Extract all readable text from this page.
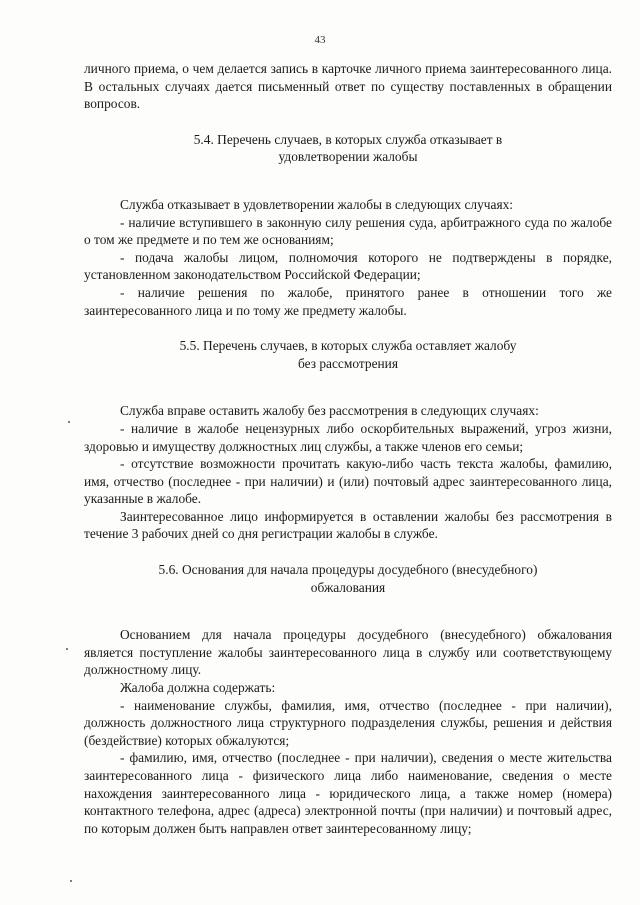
43

личного приема, о чем делается запись в карточке личного приема заинтересованного лица. В остальных случаях дается письменный ответ по существу поставленных в обращении вопросов.

5.4. Перечень случаев, в которых служба отказывает в
удовлетворении жалобы

Служба отказывает в удовлетворении жалобы в следующих случаях:

- наличие вступившего в законную силу решения суда, арбитражного суда по жалобе о том же предмете и по тем же основаниям;

- подача жалобы лицом, полномочия которого не подтверждены в порядке, установленном законодательством Российской Федерации;

- наличие решения по жалобе, принятого ранее в отношении того же заинтересованного лица и по тому же предмету жалобы.

5.5. Перечень случаев, в которых служба оставляет жалобу
без рассмотрения

Служба вправе оставить жалобу без рассмотрения в следующих случаях:

- наличие в жалобе нецензурных либо оскорбительных выражений, угроз жизни, здоровью и имуществу должностных лиц службы, а также членов его семьи;

- отсутствие возможности прочитать какую-либо часть текста жалобы, фамилию, имя, отчество (последнее - при наличии) и (или) почтовый адрес заинтересованного лица, указанные в жалобе.

Заинтересованное лицо информируется в оставлении жалобы без рассмотрения в течение 3 рабочих дней со дня регистрации жалобы в службе.

5.6. Основания для начала процедуры досудебного (внесудебного)
обжалования

Основанием для начала процедуры досудебного (внесудебного) обжалования является поступление жалобы заинтересованного лица в службу или соответствующему должностному лицу.

Жалоба должна содержать:

- наименование службы, фамилия, имя, отчество (последнее - при наличии), должность должностного лица структурного подразделения службы, решения и действия (бездействие) которых обжалуются;

- фамилию, имя, отчество (последнее - при наличии), сведения о месте жительства заинтересованного лица - физического лица либо наименование, сведения о месте нахождения заинтересованного лица - юридического лица, а также номер (номера) контактного телефона, адрес (адреса) электронной почты (при наличии) и почтовый адрес, по которым должен быть направлен ответ заинтересованному лицу;
